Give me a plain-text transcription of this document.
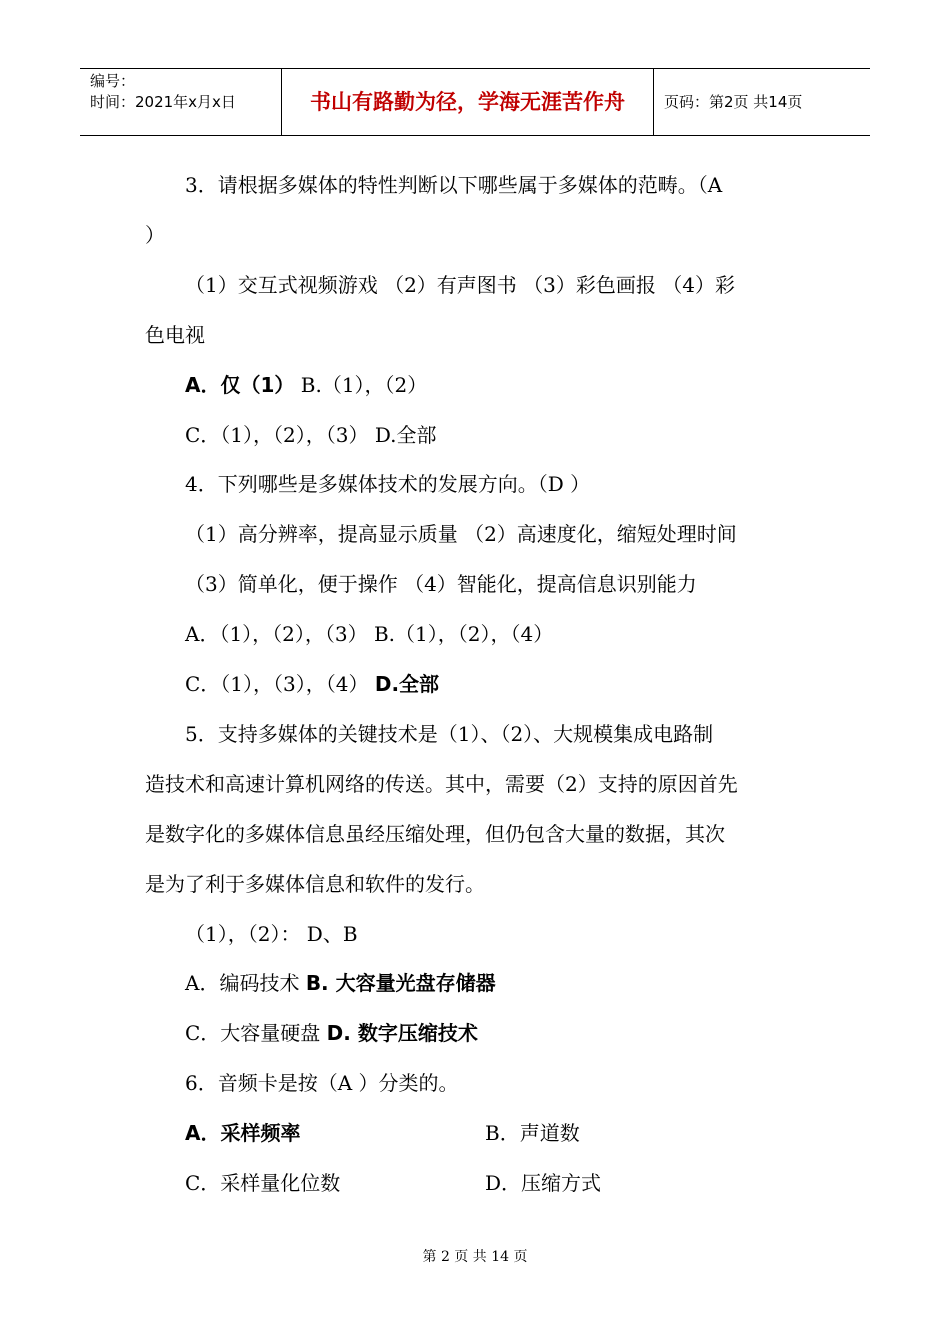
编号：
时间：2021年x月x日	书山有路勤为径，学海无涯苦作舟	页码：第2页 共14页
3．请根据多媒体的特性判断以下哪些属于多媒体的范畴。（A
）
（1）交互式视频游戏 （2）有声图书 （3）彩色画报 （4）彩
色电视
A．仅（1） B.（1），（2）
C．（1），（2），（3） D.全部
4．下列哪些是多媒体技术的发展方向。（D ）
（1）高分辨率，提高显示质量 （2）高速度化，缩短处理时间
（3）简单化，便于操作 （4）智能化，提高信息识别能力
A．（1），（2），（3） B.（1），（2），（4）
C．（1），（3），（4） D.全部
5．支持多媒体的关键技术是（1）、（2）、大规模集成电路制
造技术和高速计算机网络的传送。其中，需要（2）支持的原因首先
是数字化的多媒体信息虽经压缩处理，但仍包含大量的数据，其次
是为了利于多媒体信息和软件的发行。
（1），（2）： D、B
A．编码技术 B. 大容量光盘存储器
C．大容量硬盘 D. 数字压缩技术
6．音频卡是按（A ）分类的。
A．采样频率	B．声道数
C．采样量化位数	D．压缩方式
第 2 页 共 14 页
